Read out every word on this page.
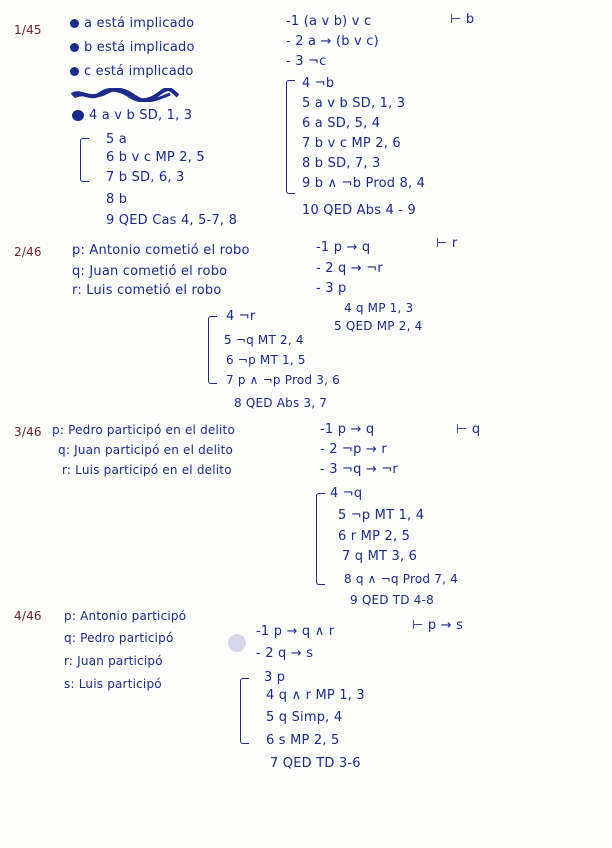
1/45	a está implicado
b está implicado
c está implicado
4 a v b SD, 1, 3
5 a
6 b v c MP 2, 5
7 b SD, 6, 3
8 b
9 QED Cas 4, 5-7, 8
-1 (a v b) v c
- 2 a → (b v c)
- 3 ¬c
⊢ b
4 ¬b
5 a v b SD, 1, 3
6 a SD, 5, 4
7 b v c MP 2, 6
8 b SD, 7, 3
9 b ∧ ¬b Prod 8, 4
10 QED Abs 4 - 9
2/46 p: Antonio cometió el robo
q: Juan cometió el robo
r: Luis cometió el robo
-1 p → q
- 2 q → ¬r
- 3 p
⊢ r
4 ¬r
4 q MP 1, 3
5 QED MP 2, 4
5 ¬q MT 2, 4
6 ¬p MT 1, 5
7 p ∧ ¬p Prod 3, 6
8 QED Abs 3, 7
3/46 p: Pedro participó en el delito
q: Juan participó en el delito
r: Luis participó en el delito
-1 p → q
- 2 ¬p → r
- 3 ¬q → ¬r
⊢ q
4 ¬q
5 ¬p MT 1, 4
6 r MP 2, 5
7 q MT 3, 6
8 q ∧ ¬q Prod 7, 4
9 QED TD 4-8
4/46 p: Antonio participó
q: Pedro participó
r: Juan participó
s: Luis participó
-1 p → q ∧ r
- 2 q → s
⊢ p → s
3 p
4 q ∧ r MP 1, 3
5 q Simp, 4
6 s MP 2, 5
7 QED TD 3-6
